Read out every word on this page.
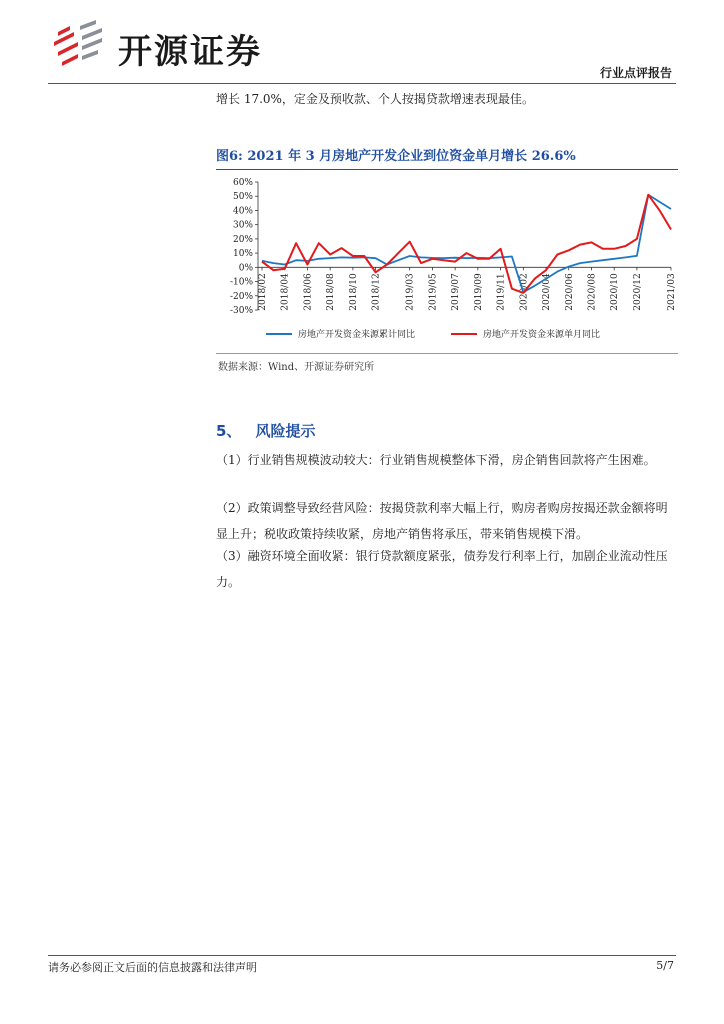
开源证券
行业点评报告

增长 17.0%，定金及预收款、个人按揭贷款增速表现最佳。

图6: 2021 年 3 月房地产开发企业到位资金单月增长 26.6%
-30%
-20%
-10%
0%
10%
20%
30%
40%
50%
60%
2018/02 2018/04 2018/06 2018/08 2018/10 2018/12	2019/03 2019/05 2019/07 2019/09 2019/11 2020/02 2020/04 2020/06 2020/08 2020/10 2020/12	2021/03
房地产开发资金来源累计同比	房地产开发资金来源单月同比
数据来源：Wind、开源证券研究所
5、 风险提示

（1）行业销售规模波动较大：行业销售规模整体下滑，房企销售回款将产生困难。

（2）政策调整导致经营风险：按揭贷款利率大幅上行，购房者购房按揭还款金额将明显上升；税收政策持续收紧，房地产销售将承压，带来销售规模下滑。

（3）融资环境全面收紧：银行贷款额度紧张，债券发行利率上行，加剧企业流动性压力。

请务必参阅正文后面的信息披露和法律声明	5/7
